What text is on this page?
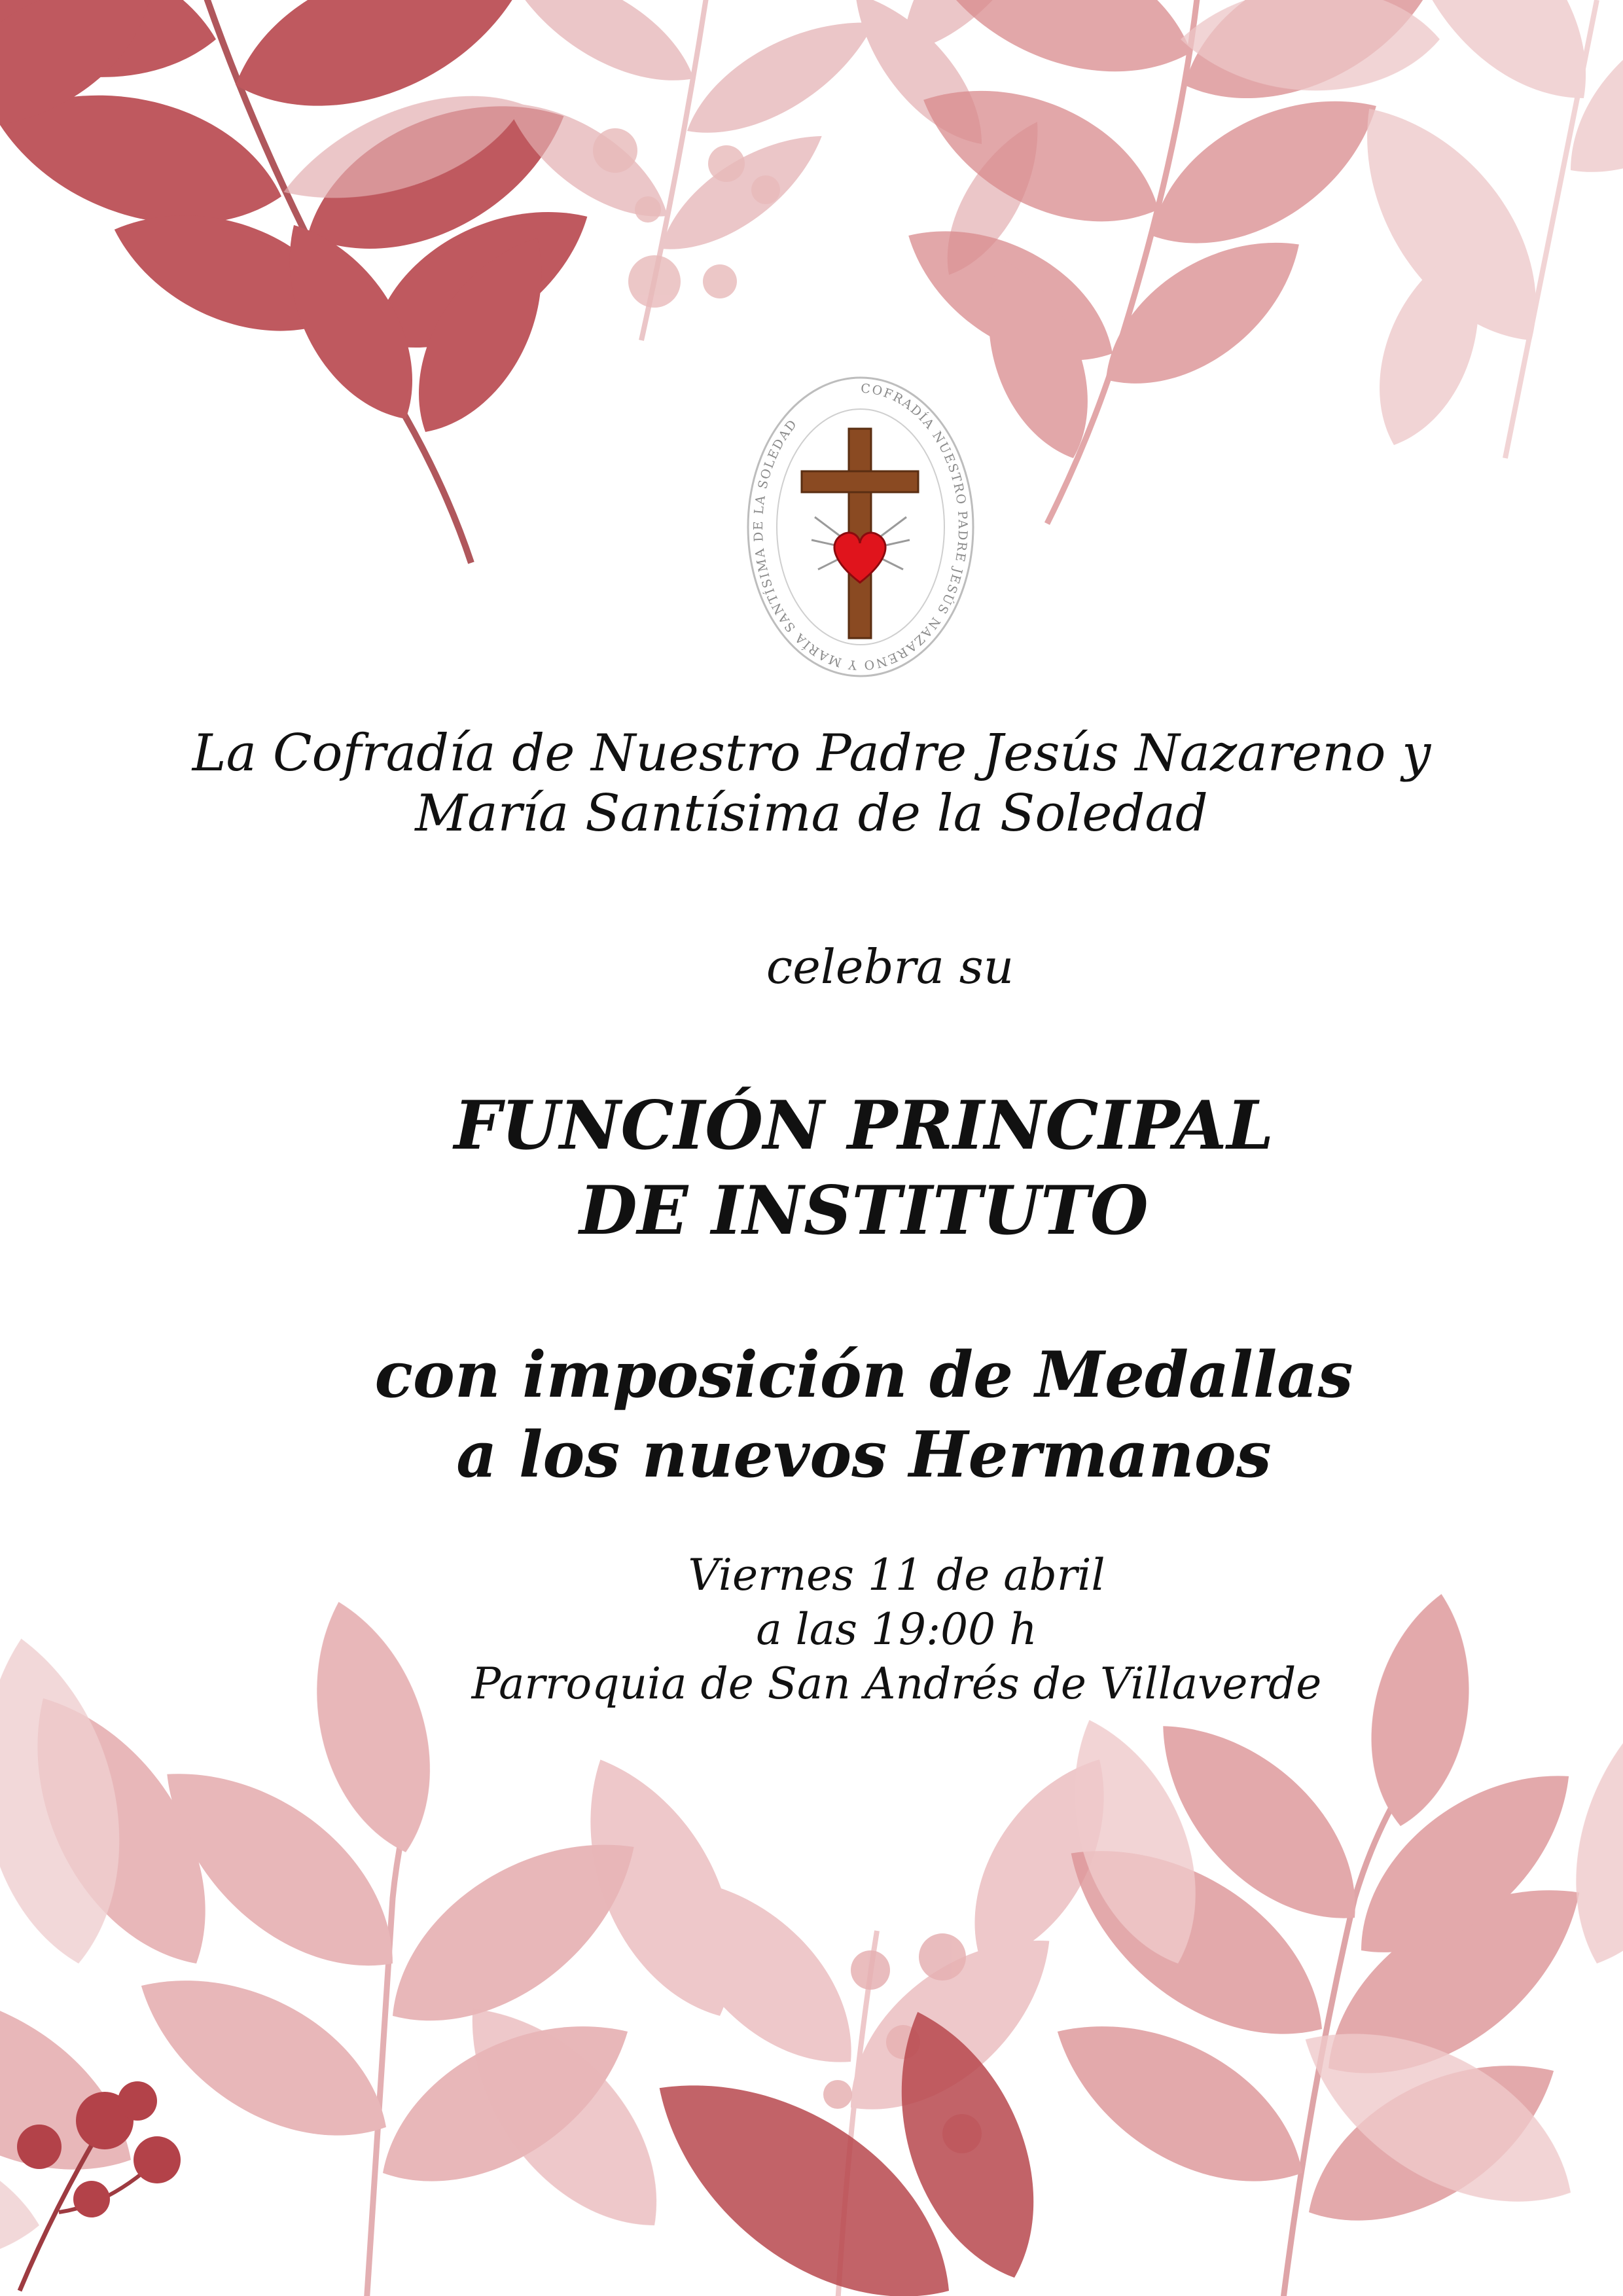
COFRADÍA NUESTRO PADRE JESÚS NAZARENO Y MARÍA SANTÍSIMA DE LA SOLEDAD
La Cofradía de Nuestro Padre Jesús Nazareno y
María Santísima de la Soledad
celebra su
FUNCIÓN PRINCIPAL
DE INSTITUTO
con imposición de Medallas
a los nuevos Hermanos
Viernes 11 de abril
a las 19:00 h
Parroquia de San Andrés de Villaverde
